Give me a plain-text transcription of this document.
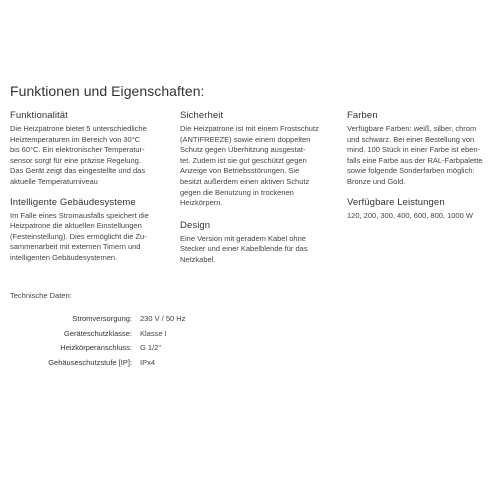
Funktionen und Eigenschaften:
Funktionalität

Die Heizpatrone bietet 5 unterschiedliche
Heiztemperaturen im Bereich von 30°C
bis 60°C. Ein elektronischer Temperatur-
sensor sorgt für eine präzise Regelung.
Das Gerät zeigt das eingestellte und das
aktuelle Temperaturniveau

Intelligente Gebäudesysteme

Im Falle eines Stromausfalls speichert die
Heizpatrone die aktuellen Einstellungen
(Festeinstellung). Dies ermöglicht die Zu-
sammenarbeit mit externen Timern und
intelligenten Gebäudesystemen.

Sicherheit

Die Heizpatrone ist mit einem Frostschutz
(ANTIFREEZE) sowie einem doppelten
Schutz gegen Überhitzung ausgestat-
tet. Zudem ist sie gut geschützt gegen
Anzeige von Betriebsstörungen. Sie
besitzt außerdem einen aktiven Schutz
gegen die Benutzung in trockenen
Heizkörpern.

Design

Eine Version mit geradem Kabel ohne
Stecker und einer Kabelblende für das
Netzkabel.

Farben

Verfügbare Farben: weiß, silber, chrom
und schwarz. Bei einer Bestellung von
mind. 100 Stück in einer Farbe ist eben-
falls eine Farbe aus der RAL-Farbpalette
sowie folgende Sonderfarben möglich:
Bronze und Gold.

Verfügbare Leistungen

120, 200, 300, 400, 600, 800, 1000 W

Technische Daten:
Stromversorgung:	230 V / 50 Hz
Geräteschutzklasse:	Klasse I
Heizkörperanschluss:	G 1/2"
Gehäuseschutzstufe [IP]:	IPx4
